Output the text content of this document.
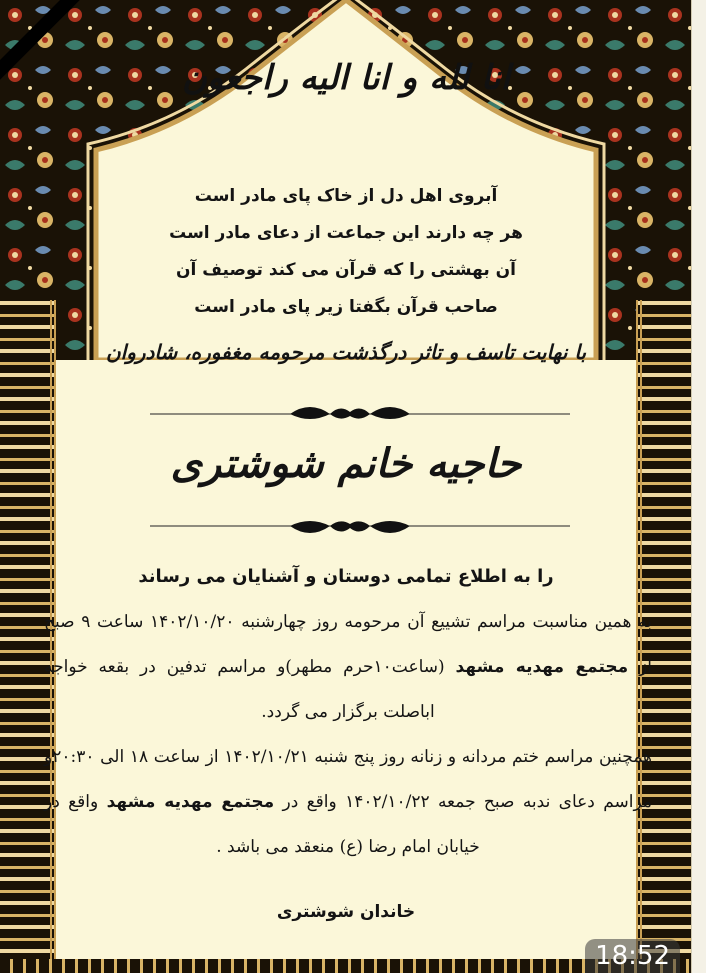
انا لله و انا الیه راجعون
آبروی اهل دل از خاک پای مادر است
هر چه دارند این جماعت از دعای مادر است
آن بهشتی را که قرآن می کند توصیف آن
صاحب قرآن بگفتا زیر پای مادر است
با نهایت تاسف و تاثر درگذشت مرحومه مغفوره، شادروان
حاجیه خانم شوشتری
را به اطلاع تمامی دوستان و آشنایان می رساند

به همین مناسبت مراسم تشییع آن مرحومه روز چهارشنبه ۱۴۰۲/۱۰/۲۰ ساعت ۹ صبح از مجتمع مهدیه مشهد (ساعت۱۰حرم مطهر)و مراسم تدفین در بقعه خواجه اباصلت برگزار می گردد.

همچنین مراسم ختم مردانه و زنانه روز پنج شنبه ۱۴۰۲/۱۰/۲۱ از ساعت ۱۸ الی ۲۰:۳۰و مراسم دعای ندبه صبح جمعه ۱۴۰۲/۱۰/۲۲ واقع در مجتمع مهدیه مشهد واقع در خیابان امام رضا (ع) منعقد می باشد .

خاندان شوشتری
18:52
